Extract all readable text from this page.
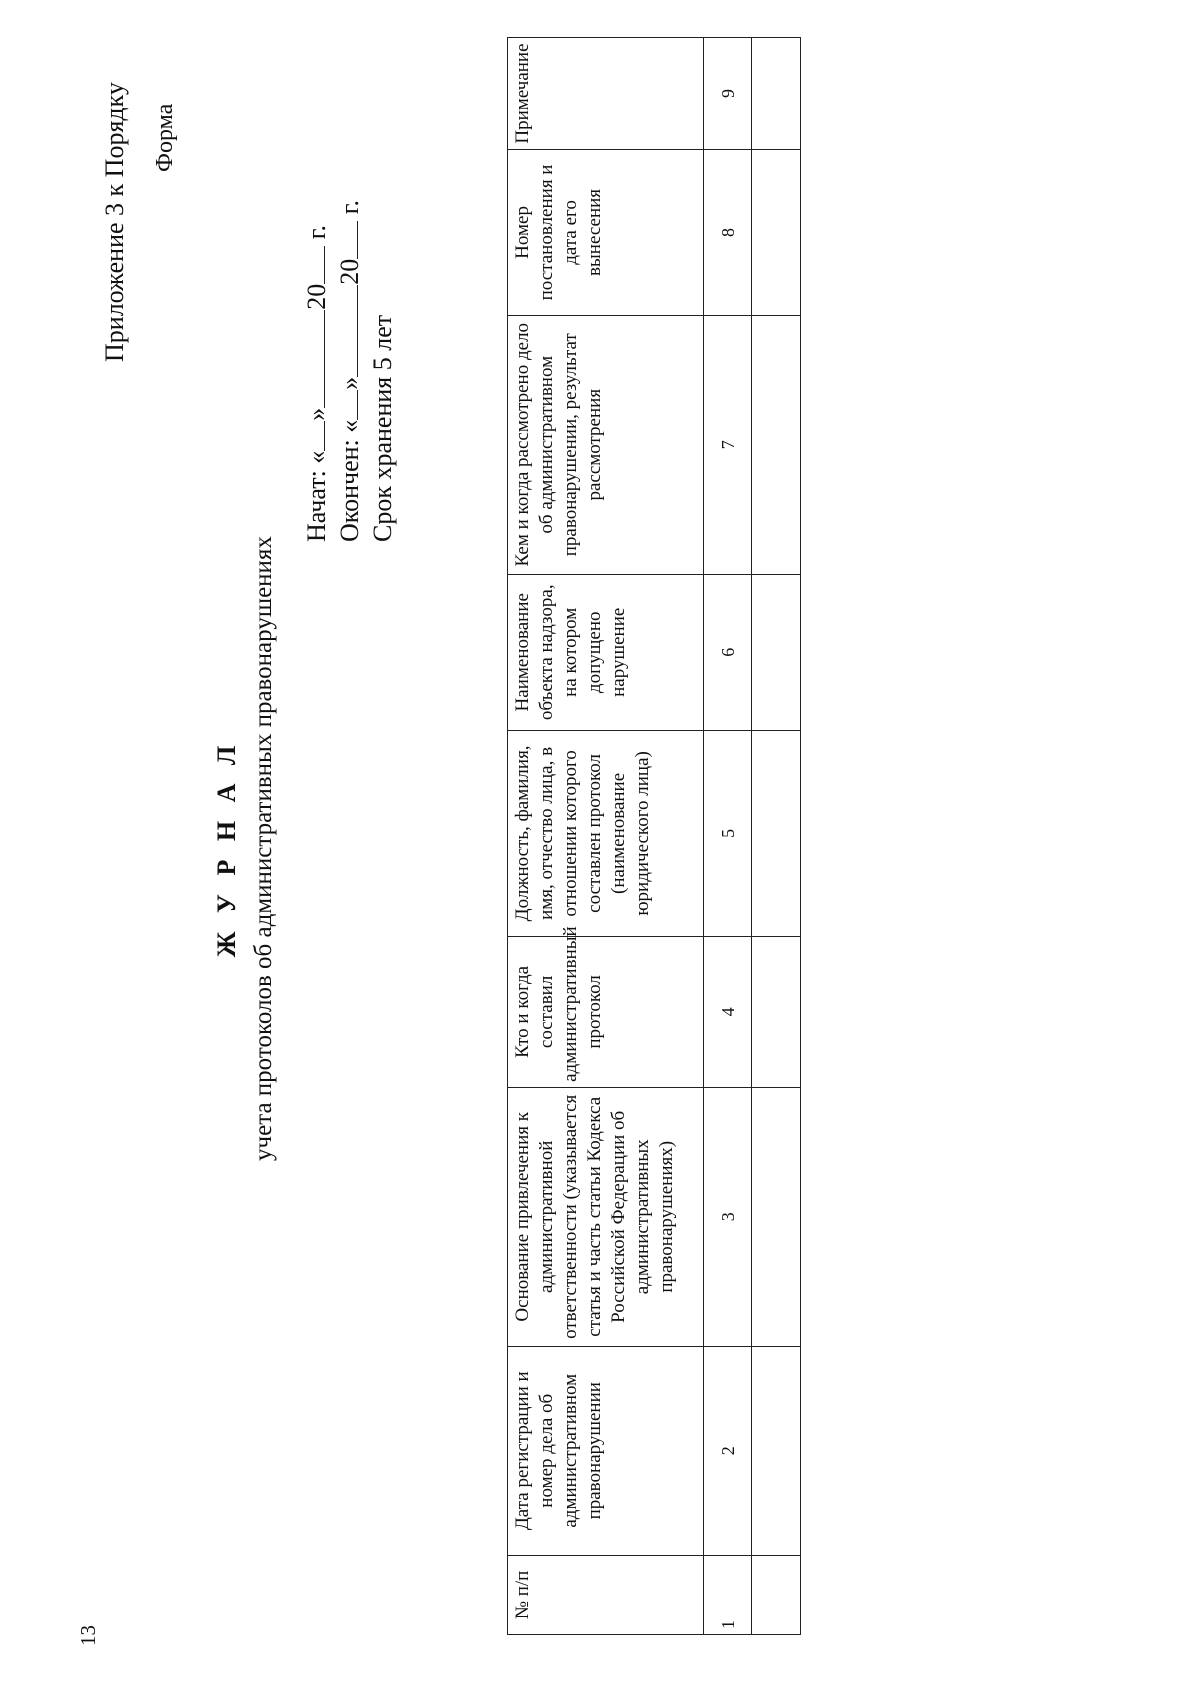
13
Приложение 3 к Порядку Форма
Ж У Р Н А Л учета протоколов об административных правонарушениях
Начат: «»20 г.
Окончен: «»20 г.
Срок хранения 5 лет
№ п/п	Дата регистрации и номер дела об административном правонарушении	Основание привлечения к административной ответственности (указывается статья и часть статьи Кодекса Российской Федерации об административных правонарушениях)	Кто и когда составил административный протокол	Должность, фамилия, имя, отчество лица, в отношении которого составлен протокол (наименование юридического лица)	Наименование объекта надзора, на котором допущено нарушение	Кем и когда рассмотрено дело об административном правонарушении, результат рассмотрения	Номер постановления и дата его вынесения	Примечание
1	2	3	4	5	6	7	8	9
